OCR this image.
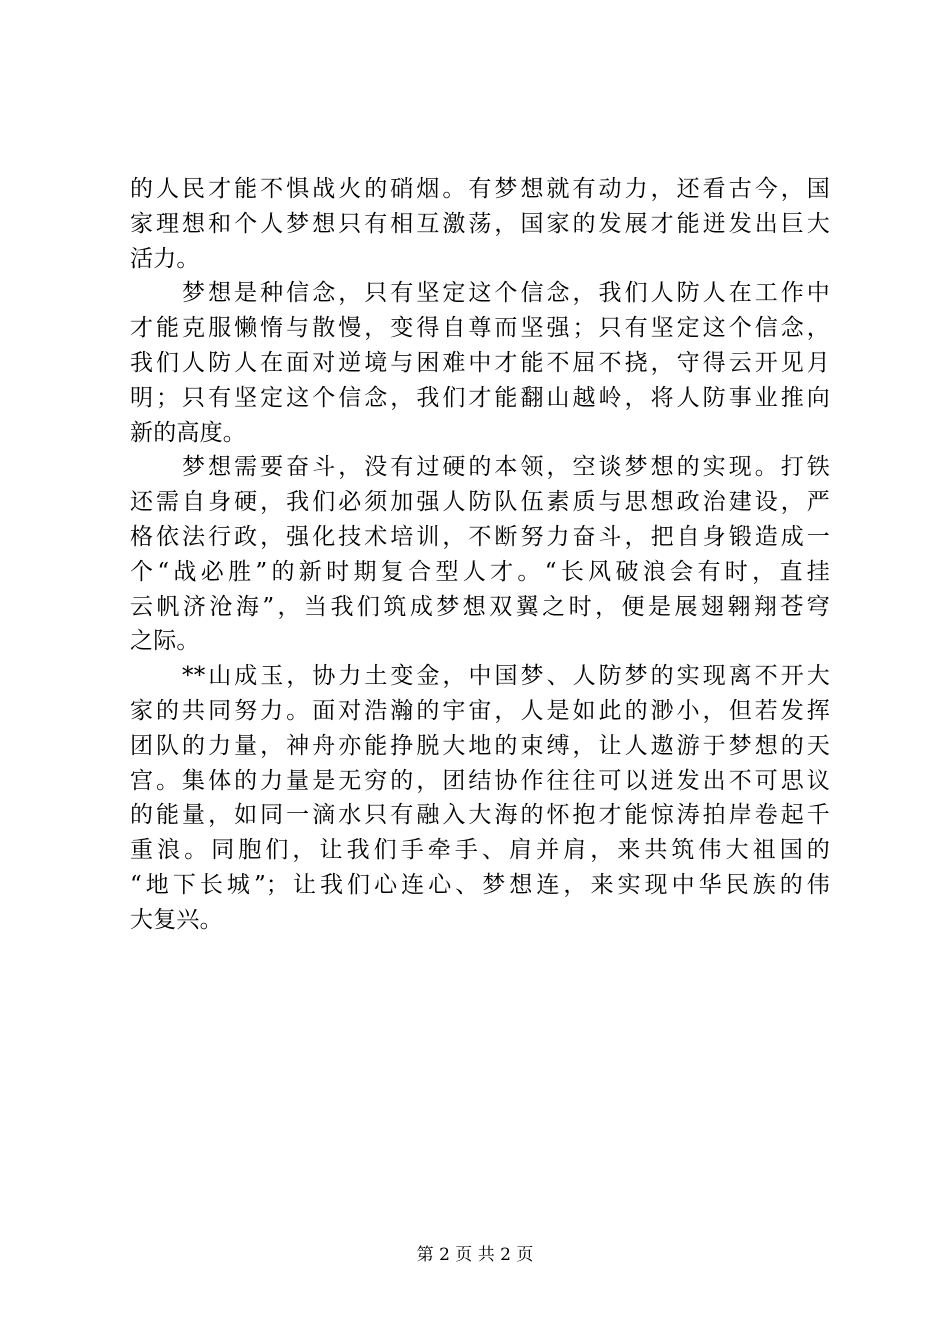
的人民才能不惧战火的硝烟。有梦想就有动力，还看古今，国
家理想和个人梦想只有相互激荡，国家的发展才能迸发出巨大
活力。
　　梦想是种信念，只有坚定这个信念，我们人防人在工作中
才能克服懒惰与散慢，变得自尊而坚强；只有坚定这个信念，
我们人防人在面对逆境与困难中才能不屈不挠，守得云开见月
明；只有坚定这个信念，我们才能翻山越岭，将人防事业推向
新的高度。
　　梦想需要奋斗，没有过硬的本领，空谈梦想的实现。打铁
还需自身硬，我们必须加强人防队伍素质与思想政治建设，严
格依法行政，强化技术培训，不断努力奋斗，把自身锻造成一
个“战必胜”的新时期复合型人才。“长风破浪会有时，直挂
云帆济沧海”，当我们筑成梦想双翼之时，便是展翅翱翔苍穹
之际。
　　**山成玉，协力土变金，中国梦、人防梦的实现离不开大
家的共同努力。面对浩瀚的宇宙，人是如此的渺小，但若发挥
团队的力量，神舟亦能挣脱大地的束缚，让人遨游于梦想的天
宫。集体的力量是无穷的，团结协作往往可以迸发出不可思议
的能量，如同一滴水只有融入大海的怀抱才能惊涛拍岸卷起千
重浪。同胞们，让我们手牵手、肩并肩，来共筑伟大祖国的
“地下长城”；让我们心连心、梦想连，来实现中华民族的伟
大复兴。
第 2 页 共 2 页
